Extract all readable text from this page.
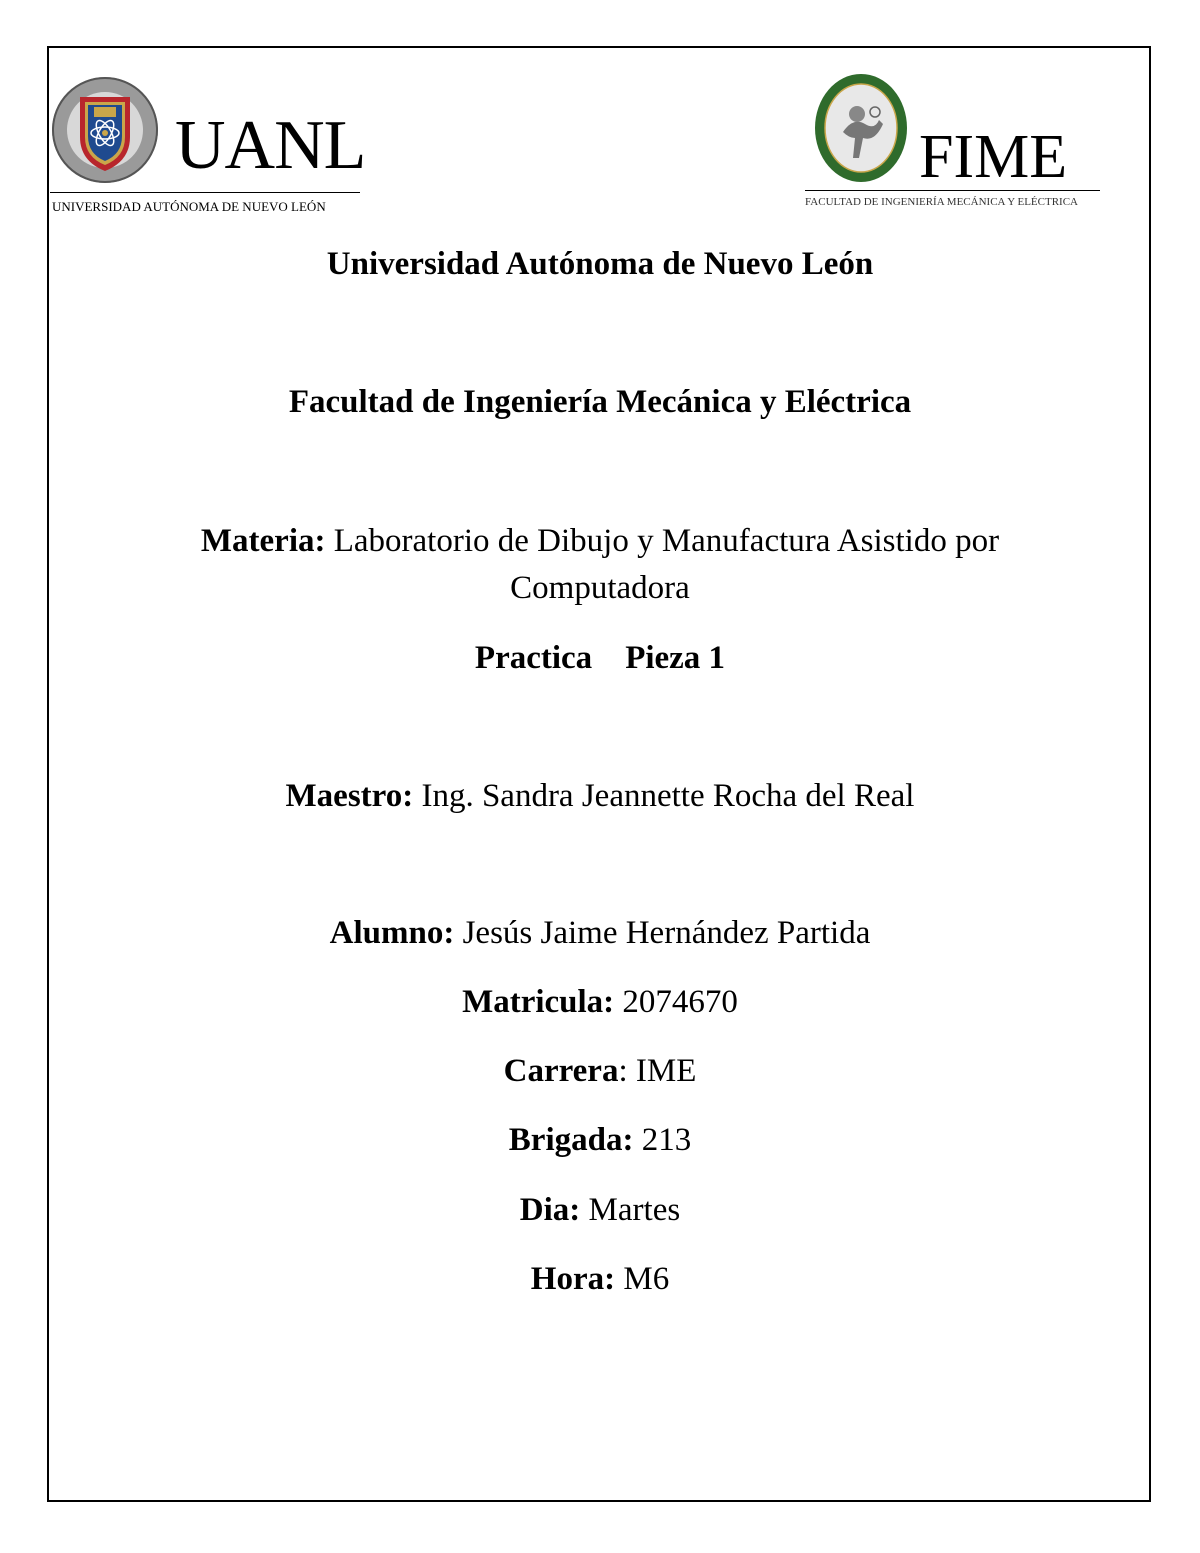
UANL
UNIVERSIDAD AUTÓNOMA DE NUEVO LEÓN
FIME
FACULTAD DE INGENIERÍA MECÁNICA Y ELÉCTRICA
Universidad Autónoma de Nuevo León
Facultad de Ingeniería Mecánica y Eléctrica
Materia: Laboratorio de Dibujo y Manufactura Asistido por
Computadora
Practica Pieza 1
Maestro: Ing. Sandra Jeannette Rocha del Real
Alumno: Jesús Jaime Hernández Partida
Matricula: 2074670
Carrera: IME
Brigada: 213
Dia: Martes
Hora: M6
